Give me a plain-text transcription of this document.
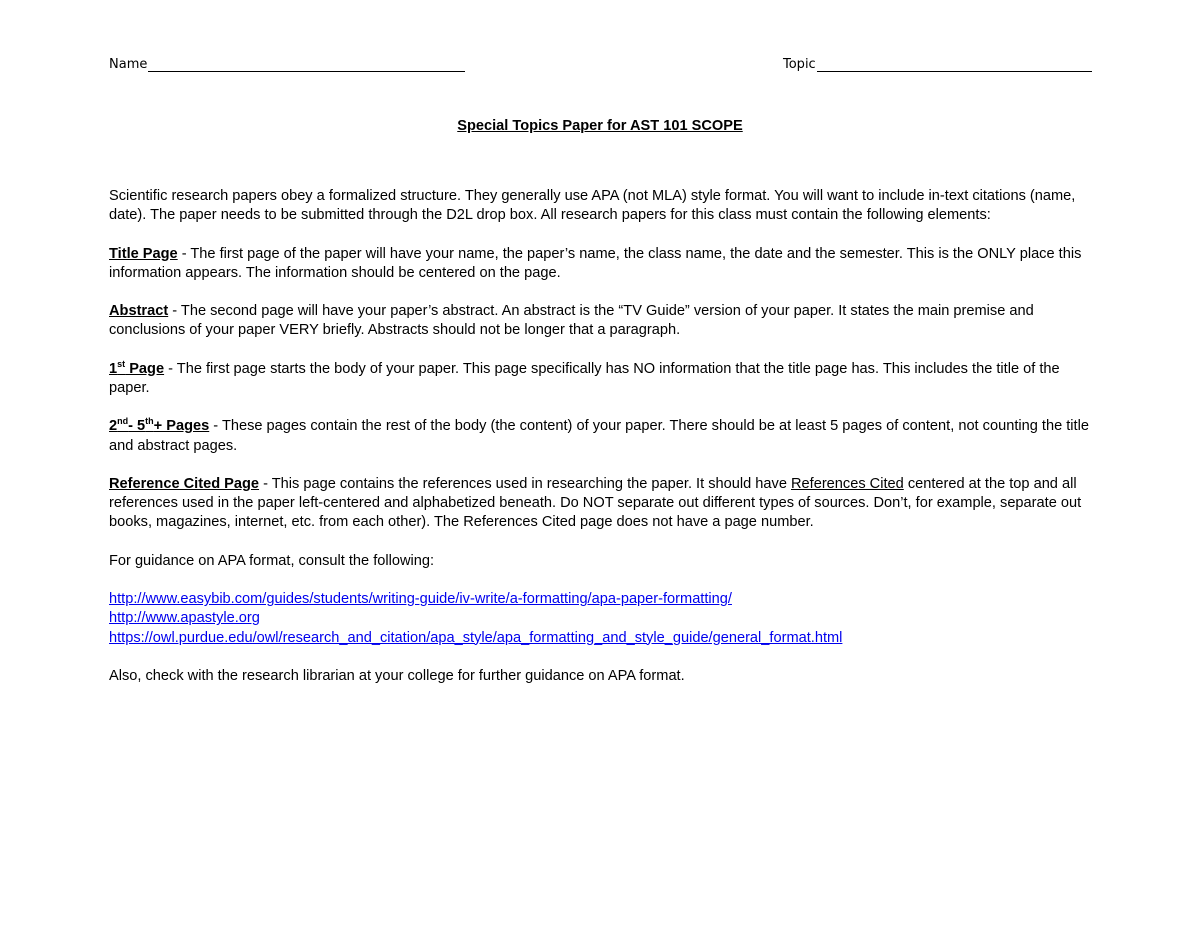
Name	Topic
Special Topics Paper for AST 101 SCOPE

Scientific research papers obey a formalized structure. They generally use APA (not MLA) style format. You will want to include in-text citations (name, date). The paper needs to be submitted through the D2L drop box. All research papers for this class must contain the following elements:

Title Page - The first page of the paper will have your name, the paper’s name, the class name, the date and the semester. This is the ONLY place this information appears. The information should be centered on the page.

Abstract - The second page will have your paper’s abstract. An abstract is the “TV Guide” version of your paper. It states the main premise and conclusions of your paper VERY briefly. Abstracts should not be longer that a paragraph.

1st Page - The first page starts the body of your paper. This page specifically has NO information that the title page has. This includes the title of the paper.

2nd- 5th+ Pages - These pages contain the rest of the body (the content) of your paper. There should be at least 5 pages of content, not counting the title and abstract pages.

Reference Cited Page - This page contains the references used in researching the paper. It should have References Cited centered at the top and all references used in the paper left-centered and alphabetized beneath. Do NOT separate out different types of sources. Don’t, for example, separate out books, magazines, internet, etc. from each other). The References Cited page does not have a page number.

For guidance on APA format, consult the following:

http://www.easybib.com/guides/students/writing-guide/iv-write/a-formatting/apa-paper-formatting/
http://www.apastyle.org
https://owl.purdue.edu/owl/research_and_citation/apa_style/apa_formatting_and_style_guide/general_format.html

Also, check with the research librarian at your college for further guidance on APA format.
